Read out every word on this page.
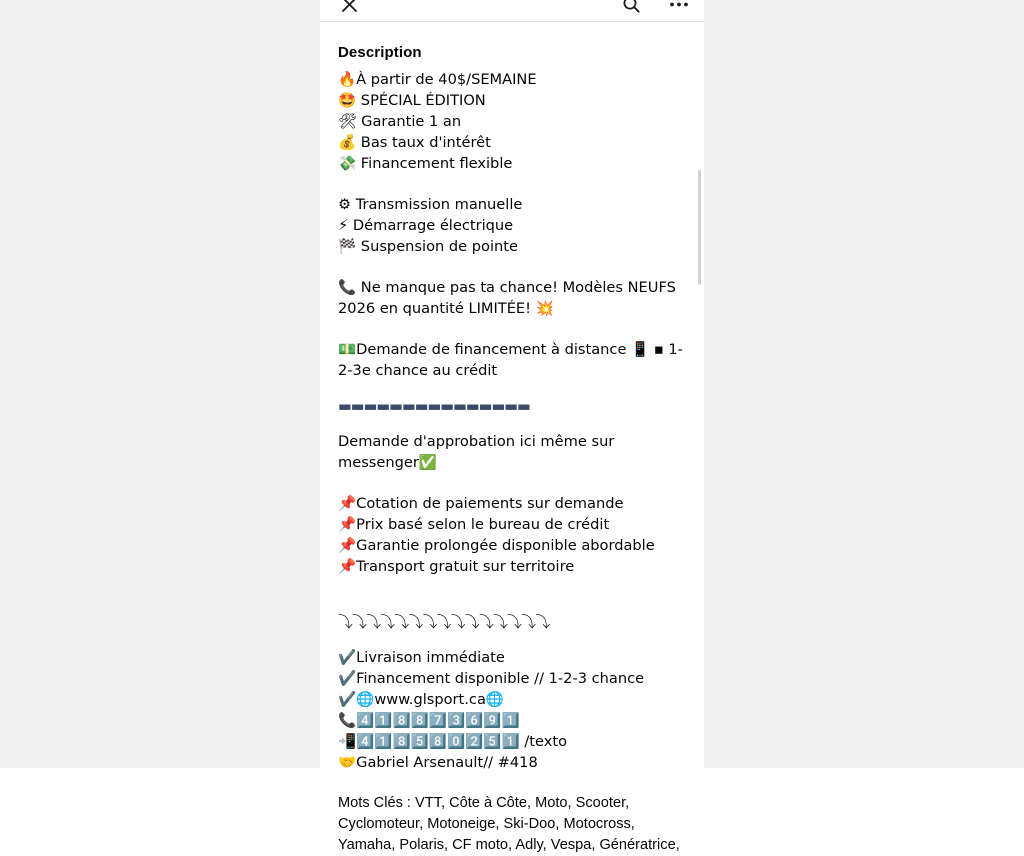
Description

🔥À partir de 40$/SEMAINE

🤩 SPÉCIAL ÉDITION

🛠 Garantie 1 an

💰 Bas taux d'intérêt

💸 Financement flexible

⚙ Transmission manuelle

⚡ Démarrage électrique

🏁 Suspension de pointe

📞 Ne manque pas ta chance! Modèles NEUFS 2026 en quantité LIMITÉE! 💥

💵Demande de financement à distance 📱 ▪ 1-2-3e chance au crédit

▬▬▬▬▬▬▬▬▬▬▬▬▬▬▬

Demande d'approbation ici même sur messenger✅

📌Cotation de paiements sur demande

📌Prix basé selon le bureau de crédit

📌Garantie prolongée disponible abordable

📌Transport gratuit sur territoire

⤵⤵⤵⤵⤵⤵⤵⤵⤵⤵⤵⤵⤵⤵⤵

✔️Livraison immédiate

✔️Financement disponible // 1-2-3 chance

✔️🌐www.glsport.ca🌐

📞4️⃣1️⃣8️⃣8️⃣7️⃣3️⃣6️⃣9️⃣1️⃣

📲4️⃣1️⃣8️⃣5️⃣8️⃣0️⃣2️⃣5️⃣1️⃣ /texto

🤝Gabriel Arsenault// #418

Mots Clés : VTT, Côte à Côte, Moto, Scooter, Cyclomoteur, Motoneige, Ski-Doo, Motocross, Yamaha, Polaris, CF moto, Adly, Vespa, Génératrice,
